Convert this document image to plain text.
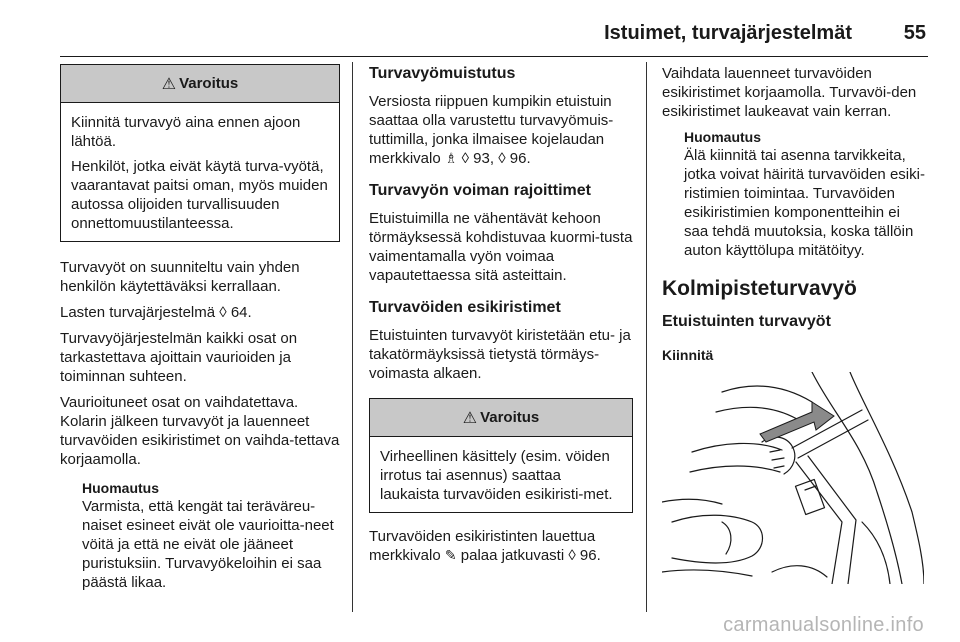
Istuimet, turvajärjestelmät	55
⚠ Varoitus

Kiinnitä turvavyö aina ennen ajoon lähtöä.

Henkilöt, jotka eivät käytä turva-vyötä, vaarantavat paitsi oman, myös muiden autossa olijoiden turvallisuuden onnettomuustilanteessa.

Turvavyöt on suunniteltu vain yhden henkilön käytettäväksi kerrallaan.

Lasten turvajärjestelmä ◊ 64.

Turvavyöjärjestelmän kaikki osat on tarkastettava ajoittain vaurioiden ja toiminnan suhteen.

Vaurioituneet osat on vaihdatettava. Kolarin jälkeen turvavyöt ja lauenneet turvavöiden esikiristimet on vaihda-tettava korjaamolla.

Huomautus

Varmista, että kengät tai teräväreu-naiset esineet eivät ole vaurioitta-neet vöitä ja että ne eivät ole jääneet puristuksiin. Turvavyökeloihin ei saa päästä likaa.

Turvavyömuistutus

Versiosta riippuen kumpikin etuistuin saattaa olla varustettu turvavyömuis-tuttimilla, jonka ilmaisee kojelaudan merkkivalo ♗ ◊ 93, ◊ 96.

Turvavyön voiman rajoittimet

Etuistuimilla ne vähentävät kehoon törmäyksessä kohdistuvaa kuormi-tusta vaimentamalla vyön voimaa vapautettaessa sitä asteittain.

Turvavöiden esikiristimet

Etuistuinten turvavyöt kiristetään etu- ja takatörmäyksissä tietystä törmäys-voimasta alkaen.

⚠ Varoitus

Virheellinen käsittely (esim. vöiden irrotus tai asennus) saattaa laukaista turvavöiden esikiristi-met.

Turvavöiden esikiristinten lauettua merkkivalo ✎ palaa jatkuvasti ◊ 96.

Vaihdata lauenneet turvavöiden esikiristimet korjaamolla. Turvavöi-den esikiristimet laukeavat vain kerran.

Huomautus

Älä kiinnitä tai asenna tarvikkeita, jotka voivat häiritä turvavöiden esiki-ristimien toimintaa. Turvavöiden esikiristimien komponentteihin ei saa tehdä muutoksia, koska tällöin auton käyttölupa mitätöityy.

Kolmipisteturvavyö
Etuistuinten turvavyöt
Kiinnitä
carmanualsonline.info
